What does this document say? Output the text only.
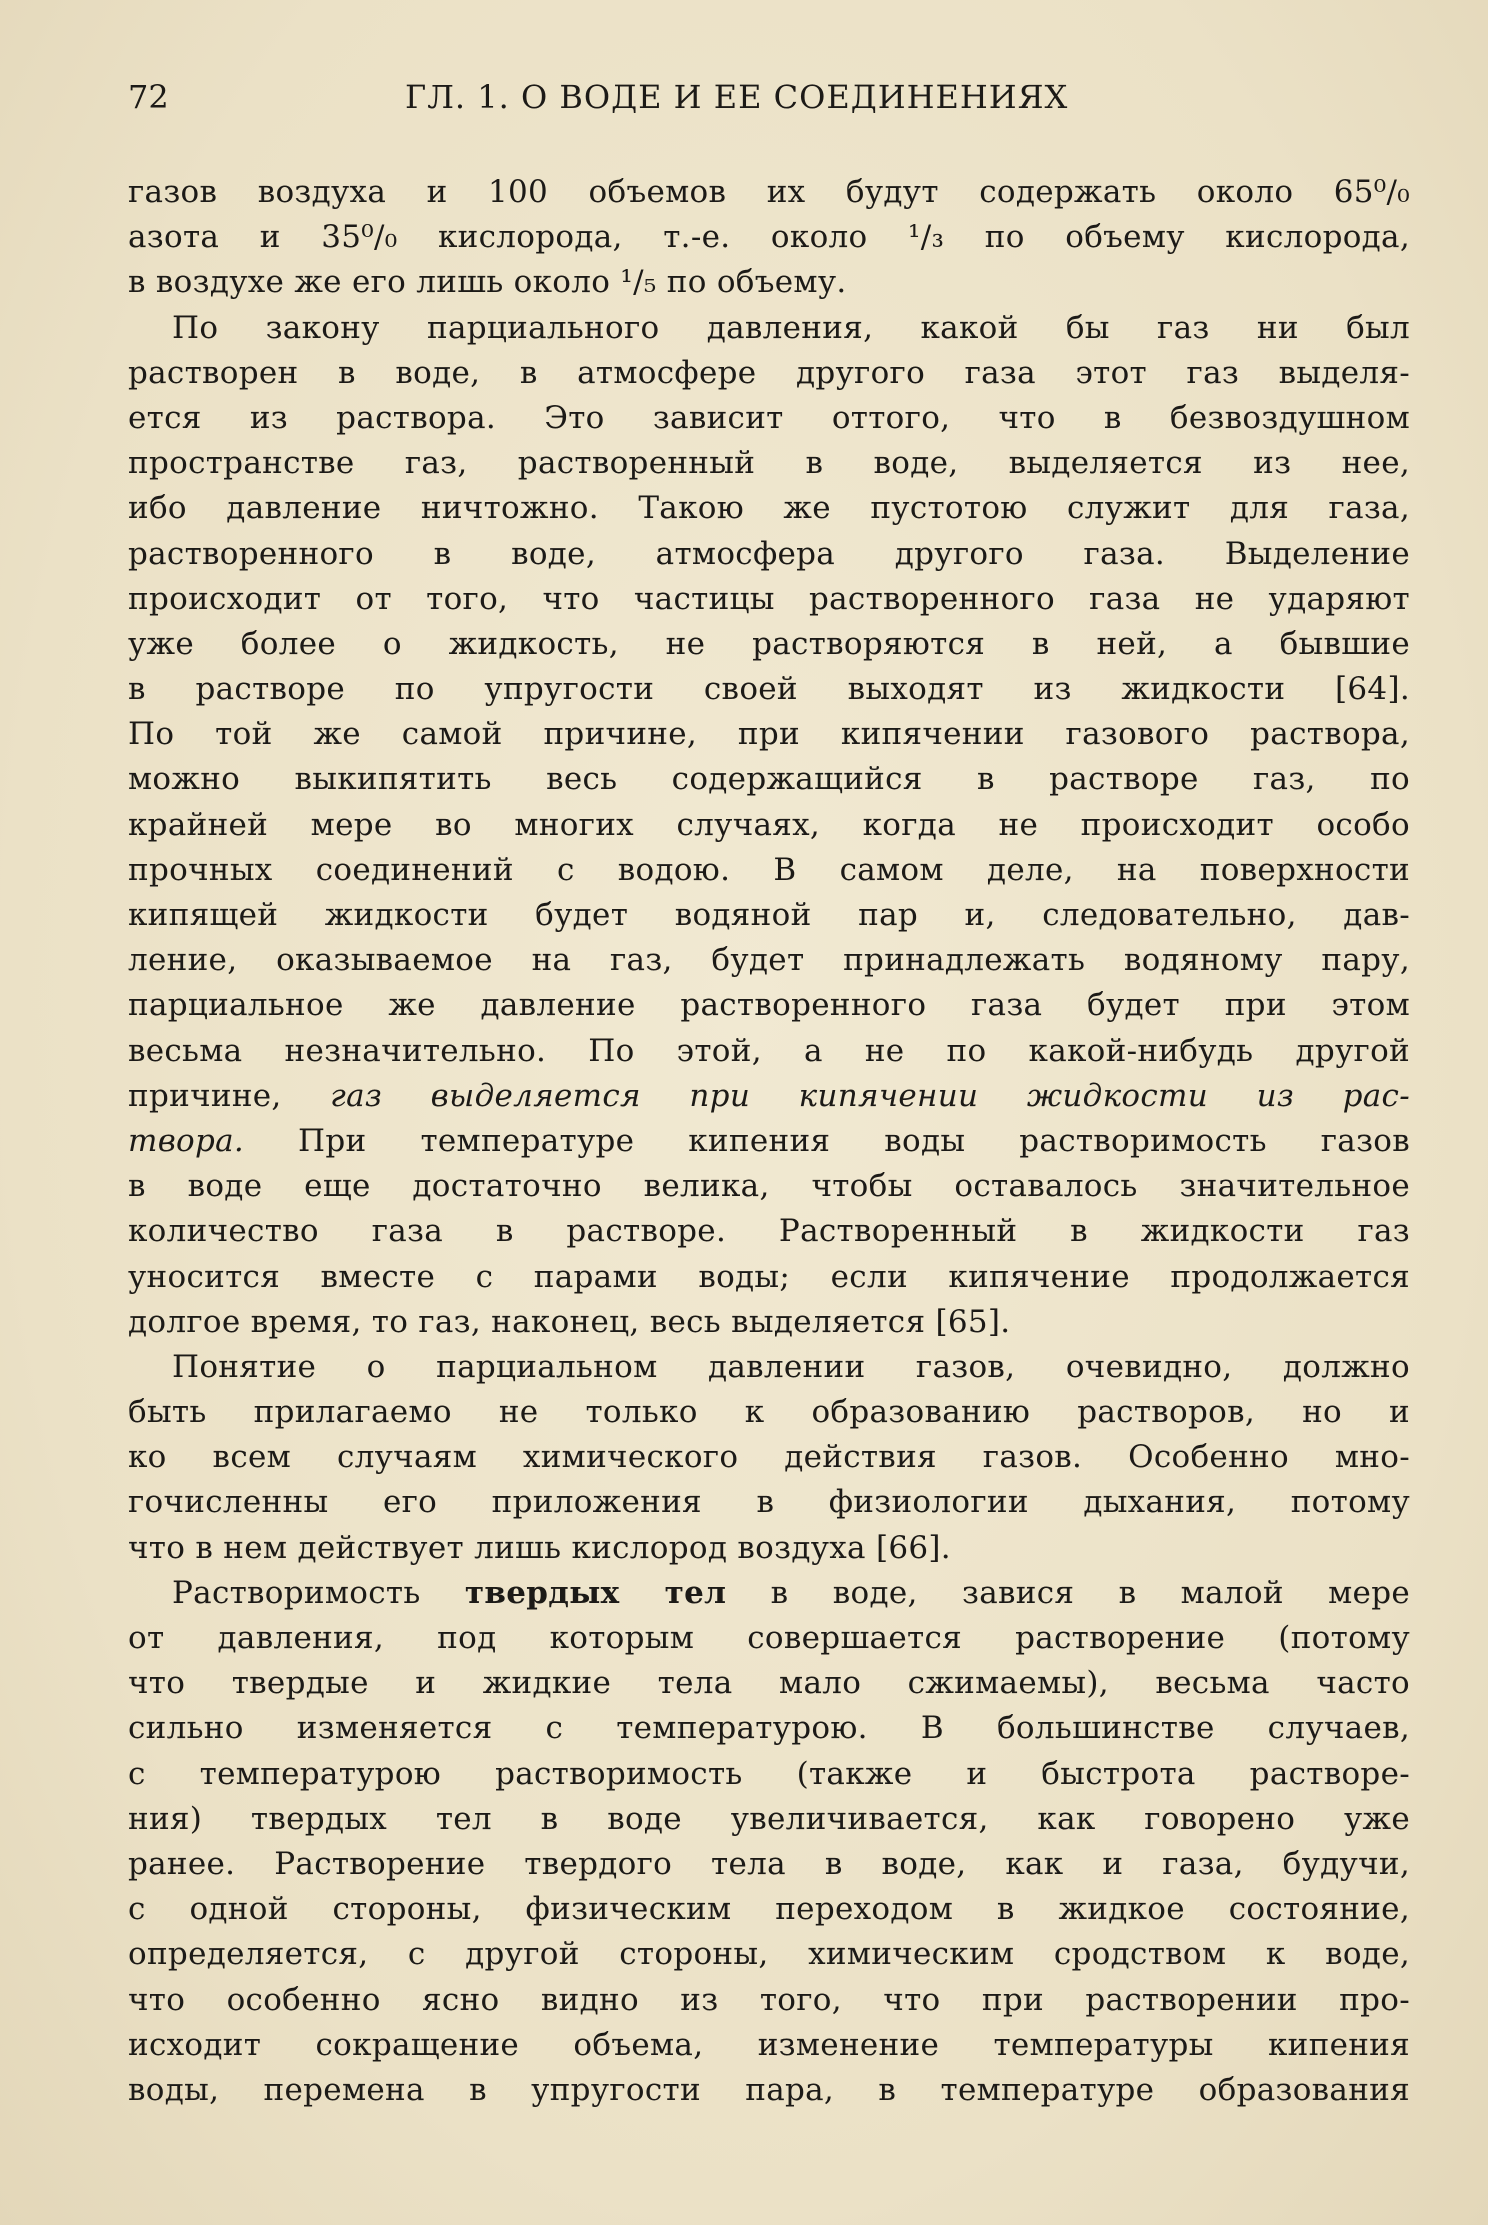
72	ГЛ. 1. О ВОДЕ И ЕЕ СОЕДИНЕНИЯХ
газов воздуха и 100 объемов их будут содержать около 65⁰/₀
азота и 35⁰/₀ кислорода, т.-е. около ¹/₃ по объему кислорода,
в воздухе же его лишь около ¹/₅ по объему.
По закону парциального давления, какой бы газ ни был
растворен в воде, в атмосфере другого газа этот газ выделя-
ется из раствора. Это зависит оттого, что в безвоздушном
пространстве газ, растворенный в воде, выделяется из нее,
ибо давление ничтожно. Такою же пустотою служит для газа,
растворенного в воде, атмосфера другого газа. Выделение
происходит от того, что частицы растворенного газа не ударяют
уже более о жидкость, не растворяются в ней, а бывшие
в растворе по упругости своей выходят из жидкости [64].
По той же самой причине, при кипячении газового раствора,
можно выкипятить весь содержащийся в растворе газ, по
крайней мере во многих случаях, когда не происходит особо
прочных соединений с водою. В самом деле, на поверхности
кипящей жидкости будет водяной пар и, следовательно, дав-
ление, оказываемое на газ, будет принадлежать водяному пару,
парциальное же давление растворенного газа будет при этом
весьма незначительно. По этой, а не по какой-нибудь другой
причине, газ выделяется при кипячении жидкости из рас-
твора. При температуре кипения воды растворимость газов
в воде еще достаточно велика, чтобы оставалось значительное
количество газа в растворе. Растворенный в жидкости газ
уносится вместе с парами воды; если кипячение продолжается
долгое время, то газ, наконец, весь выделяется [65].
Понятие о парциальном давлении газов, очевидно, должно
быть прилагаемо не только к образованию растворов, но и
ко всем случаям химического действия газов. Особенно мно-
гочисленны его приложения в физиологии дыхания, потому
что в нем действует лишь кислород воздуха [66].
Растворимость твердых тел в воде, завися в малой мере
от давления, под которым совершается растворение (потому
что твердые и жидкие тела мало сжимаемы), весьма часто
сильно изменяется с температурою. В большинстве случаев,
с температурою растворимость (также и быстрота растворе-
ния) твердых тел в воде увеличивается, как говорено уже
ранее. Растворение твердого тела в воде, как и газа, будучи,
с одной стороны, физическим переходом в жидкое состояние,
определяется, с другой стороны, химическим сродством к воде,
что особенно ясно видно из того, что при растворении про-
исходит сокращение объема, изменение температуры кипения
воды, перемена в упругости пара, в температуре образования
